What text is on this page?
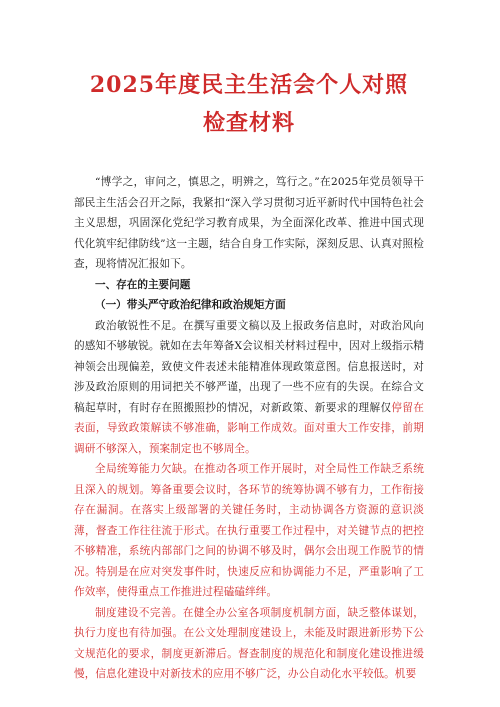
2025年度民主生活会个人对照
检查材料

“博学之，审问之，慎思之，明辨之，笃行之。”在2025年党员领导干部民主生活会召开之际，我紧扣“深入学习贯彻习近平新时代中国特色社会主义思想，巩固深化党纪学习教育成果，为全面深化改革、推进中国式现代化筑牢纪律防线”这一主题，结合自身工作实际，深刻反思、认真对照检查，现将情况汇报如下。

一、存在的主要问题

（一）带头严守政治纪律和政治规矩方面

政治敏锐性不足。在撰写重要文稿以及上报政务信息时，对政治风向的感知不够敏锐。就如在去年筹备X会议相关材料过程中，因对上级指示精神领会出现偏差，致使文件表述未能精准体现政策意图。信息报送时，对涉及政治原则的用词把关不够严谨，出现了一些不应有的失误。在综合文稿起草时，有时存在照搬照抄的情况，对新政策、新要求的理解仅停留在表面，导致政策解读不够准确，影响工作成效。面对重大工作安排，前期调研不够深入，预案制定也不够周全。

全局统筹能力欠缺。在推动各项工作开展时，对全局性工作缺乏系统且深入的规划。筹备重要会议时，各环节的统筹协调不够有力，工作衔接存在漏洞。在落实上级部署的关键任务时，主动协调各方资源的意识淡薄，督查工作往往流于形式。在执行重要工作过程中，对关键节点的把控不够精准，系统内部部门之间的协调不够及时，偶尔会出现工作脱节的情况。特别是在应对突发事件时，快速反应和协调能力不足，严重影响了工作效率，使得重点工作推进过程磕磕绊绊。

制度建设不完善。在健全办公室各项制度机制方面，缺乏整体谋划，执行力度也有待加强。在公文处理制度建设上，未能及时跟进新形势下公文规范化的要求，制度更新滞后。督查制度的规范化和制度化建设推进缓慢，信息化建设中对新技术的应用不够广泛，办公自动化水平较低。机要
